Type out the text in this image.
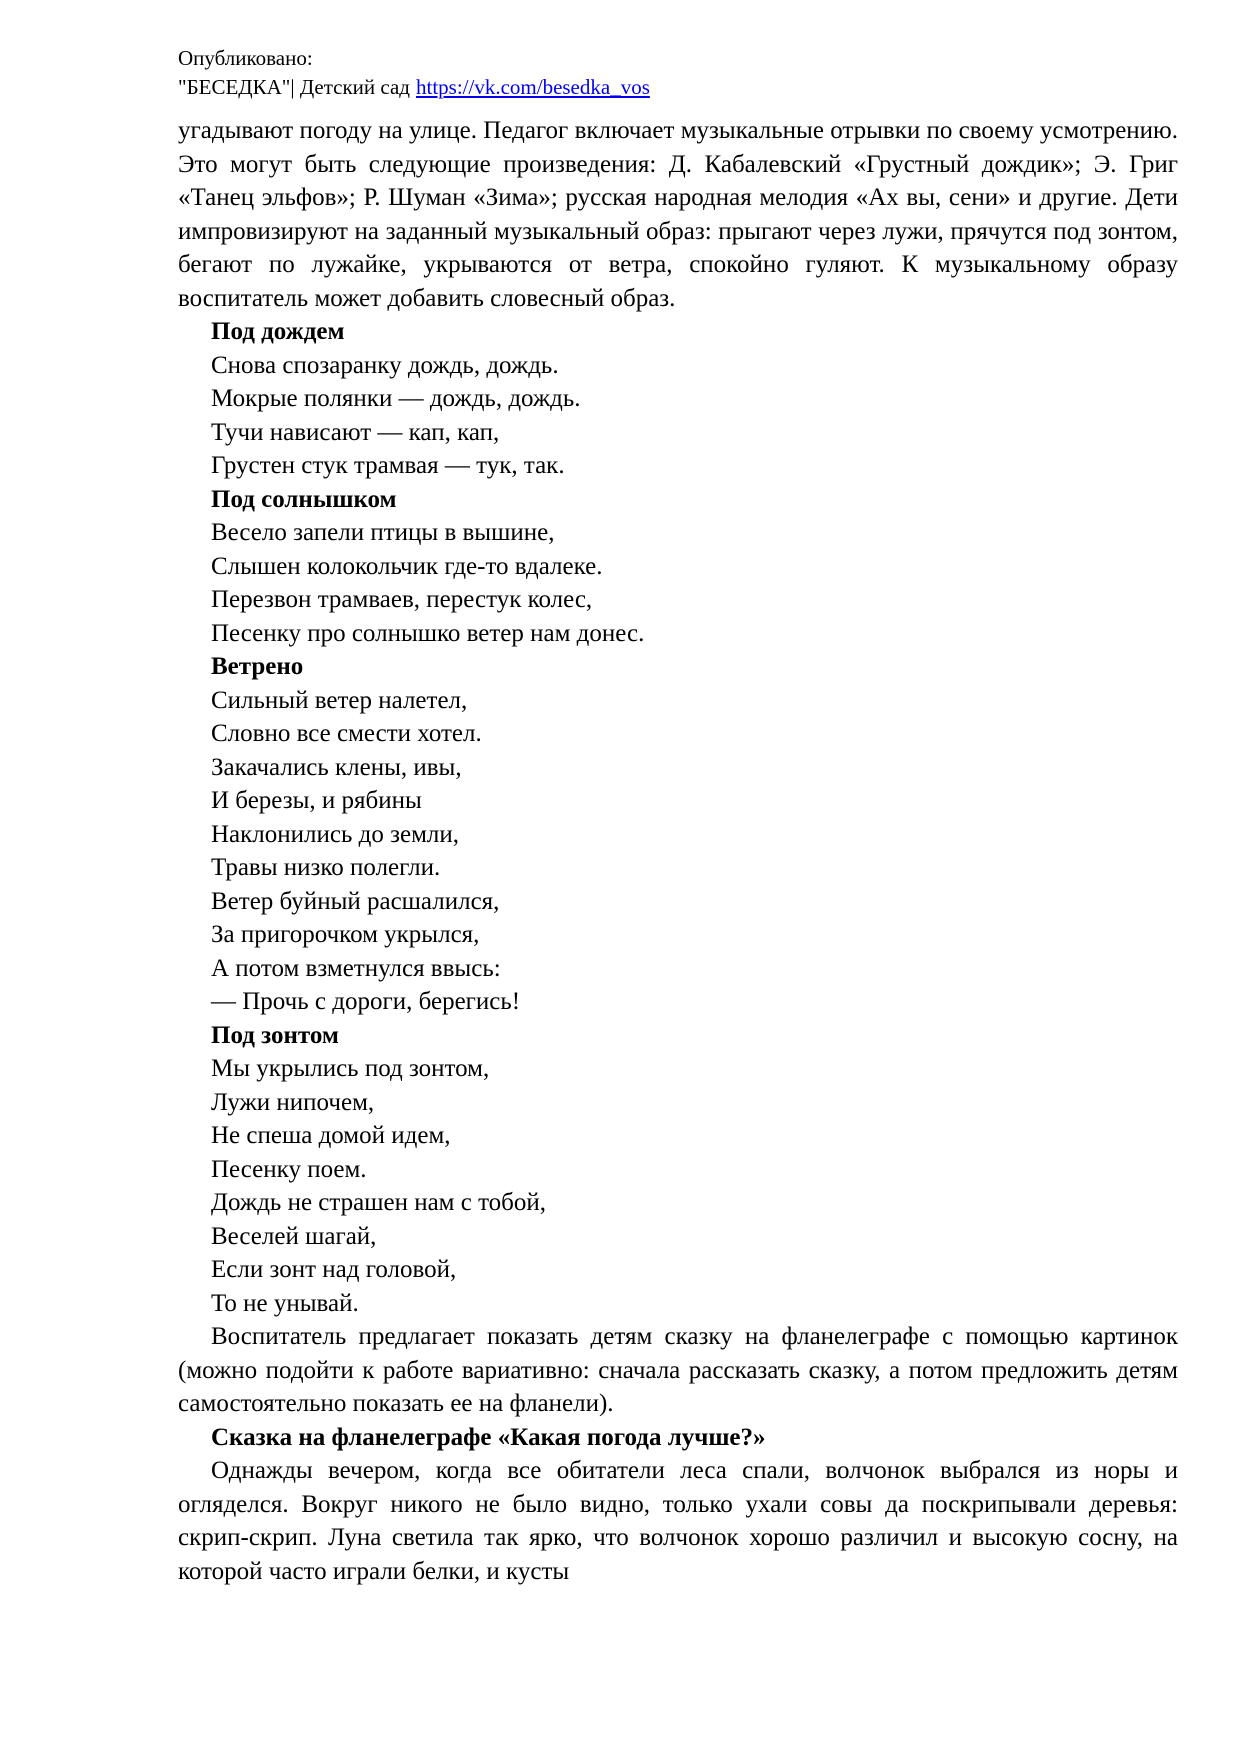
Опубликовано:
"БЕСЕДКА"| Детский сад https://vk.com/besedka_vos

угадывают погоду на улице. Педагог включает музыкальные отрывки по своему усмотрению. Это могут быть следующие произведения: Д. Кабалевский «Грустный дождик»; Э. Григ «Танец эльфов»; Р. Шуман «Зима»; русская народная мелодия «Ах вы, сени» и другие. Дети импровизируют на заданный музыкальный образ: прыгают через лужи, прячутся под зонтом, бегают по лужайке, укрываются от ветра, спокойно гуляют. К музыкальному образу воспитатель может добавить словесный образ.

Под дождем

Снова спозаранку дождь, дождь.

Мокрые полянки — дождь, дождь.

Тучи нависают — кап, кап,

Грустен стук трамвая — тук, так.

Под солнышком

Весело запели птицы в вышине,

Слышен колокольчик где-то вдалеке.

Перезвон трамваев, перестук колес,

Песенку про солнышко ветер нам донес.

Ветрено

Сильный ветер налетел,

Словно все смести хотел.

Закачались клены, ивы,

И березы, и рябины

Наклонились до земли,

Травы низко полегли.

Ветер буйный расшалился,

За пригорочком укрылся,

А потом взметнулся ввысь:

— Прочь с дороги, берегись!

Под зонтом

Мы укрылись под зонтом,

Лужи нипочем,

Не спеша домой идем,

Песенку поем.

Дождь не страшен нам с тобой,

Веселей шагай,

Если зонт над головой,

То не унывай.

Воспитатель предлагает показать детям сказку на фланелеграфе с помощью картинок (можно подойти к работе вариативно: сначала рассказать сказку, а потом предложить детям самостоятельно показать ее на фланели).

Сказка на фланелеграфе «Какая погода лучше?»

Однажды вечером, когда все обитатели леса спали, волчонок выбрался из норы и огляделся. Вокруг никого не было видно, только ухали совы да поскрипывали деревья: скрип-скрип. Луна светила так ярко, что волчонок хорошо различил и высокую сосну, на которой часто играли белки, и кусты
